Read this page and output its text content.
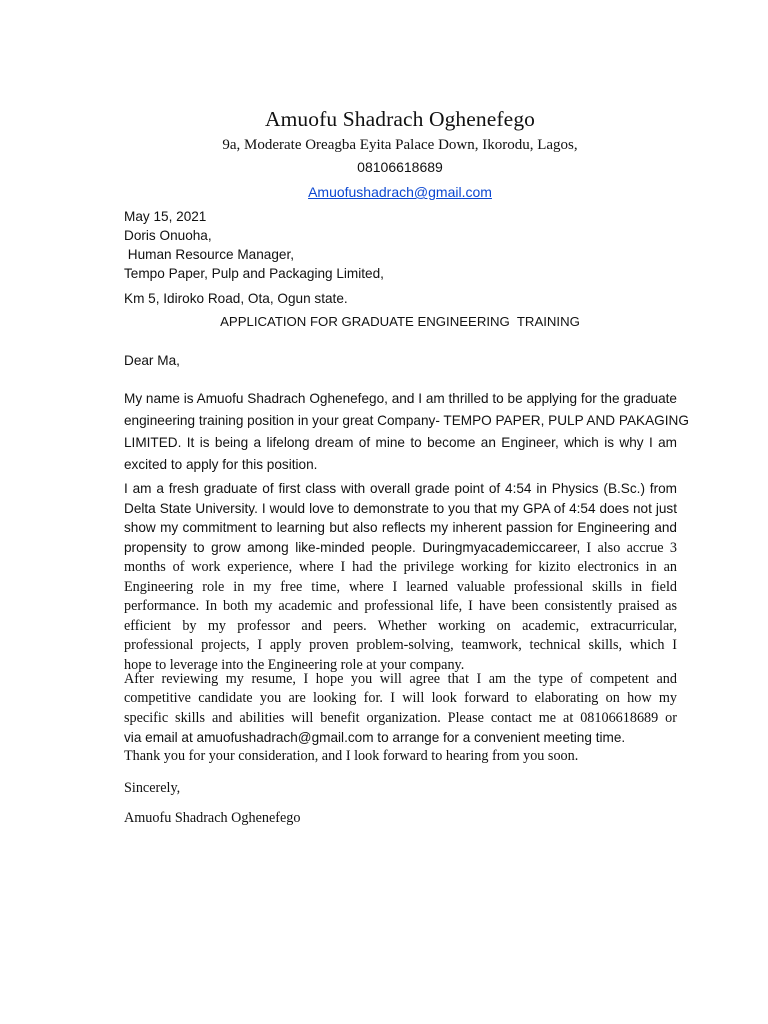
Amuofu Shadrach Oghenefego
9a, Moderate Oreagba Eyita Palace Down, Ikorodu, Lagos,
08106618689
Amuofushadrach@gmail.com
May 15, 2021
Doris Onuoha,
Human Resource Manager,
Tempo Paper, Pulp and Packaging Limited,
Km 5, Idiroko Road, Ota, Ogun state.
APPLICATION FOR GRADUATE ENGINEERING  TRAINING
Dear Ma,
My name is Amuofu Shadrach Oghenefego, and I am thrilled to be applying for the graduate
engineering training position in your great Company- TEMPO PAPER, PULP AND PAKAGING
LIMITED. It is being a lifelong dream of mine to become an Engineer, which is why I am
excited to apply for this position.
I am a fresh graduate of first class with overall grade point of 4:54 in Physics (B.Sc.) from
Delta State University. I would love to demonstrate to you that my GPA of 4:54 does not just
show my commitment to learning but also reflects my inherent passion for Engineering and
propensity to grow among like-minded people. Duringmyacademiccareer, I also accrue 3
months of work experience, where I had the privilege working for kizito electronics in an
Engineering role in my free time, where I learned valuable professional skills in field
performance. In both my academic and professional life, I have been consistently praised as
efficient by my professor and peers. Whether working on academic, extracurricular,
professional projects, I apply proven problem-solving, teamwork, technical skills, which I
hope to leverage into the Engineering role at your company.
After reviewing my resume, I hope you will agree that I am the type of competent and
competitive candidate you are looking for. I will look forward to elaborating on how my
specific skills and abilities will benefit organization. Please contact me at 08106618689 or
via email at amuofushadrach@gmail.com to arrange for a convenient meeting time.
Thank you for your consideration, and I look forward to hearing from you soon.
Sincerely,
Amuofu Shadrach Oghenefego
